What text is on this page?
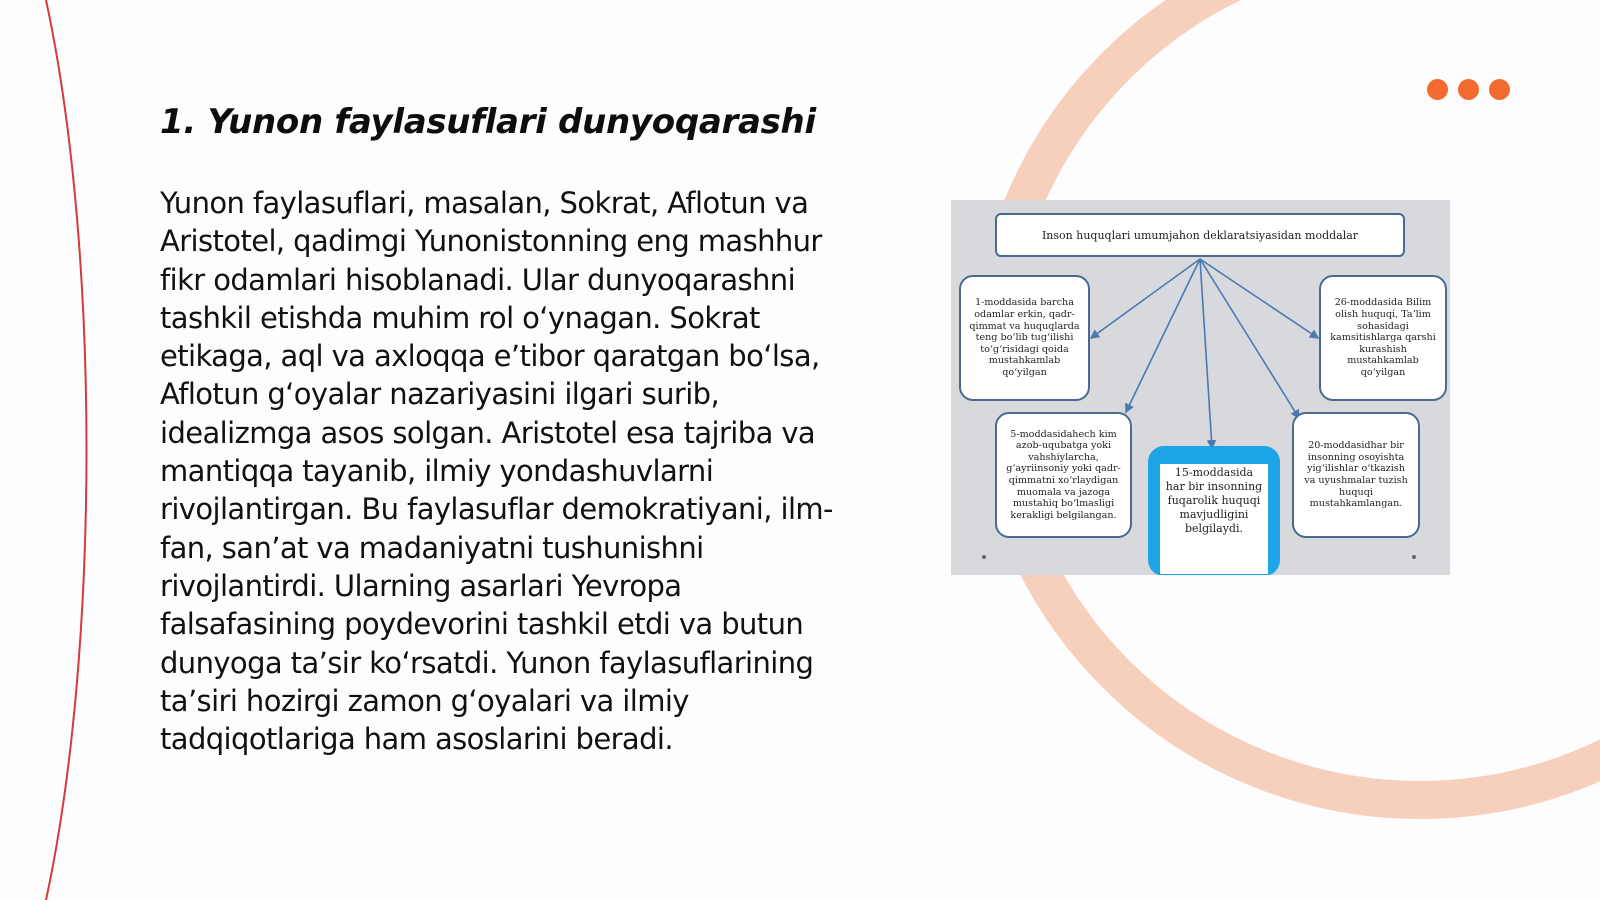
1. Yunon faylasuflari dunyoqarashi

Yunon faylasuflari, masalan, Sokrat, Aflotun va Aristotel, qadimgi Yunonistonning eng mashhur fikr odamlari hisoblanadi. Ular dunyoqarashni tashkil etishda muhim rol oʻynagan. Sokrat etikaga, aql va axloqqa eʼtibor qaratgan boʻlsa, Aflotun gʻoyalar nazariyasini ilgari surib, idealizmga asos solgan. Aristotel esa tajriba va mantiqqa tayanib, ilmiy yondashuvlarni rivojlantirgan. Bu faylasuflar demokratiyani, ilm-fan, sanʼat va madaniyatni tushunishni rivojlantirdi. Ularning asarlari Yevropa falsafasining poydevorini tashkil etdi va butun dunyoga taʼsir koʻrsatdi. Yunon faylasuflarining taʼsiri hozirgi zamon gʻoyalari va ilmiy tadqiqotlariga ham asoslarini beradi.

Inson huquqlari umumjahon deklaratsiyasidan moddalar
1-moddasida barcha odamlar erkin, qadr-qimmat va huquqlarda teng boʻlib tugʻilishi toʻgʻrisidagi qoida mustahkamlab qoʻyilgan
26-moddasida Bilim olish huquqi, Taʼlim sohasidagi kamsitishlarga qarshi kurashish mustahkamlab qoʻyilgan
5-moddasidahech kim azob-uqubatga yoki vahshiylarcha, gʻayriinsoniy yoki qadr-qimmatni xoʻrlaydigan muomala va jazoga mustahiq boʻlmasligi kerakligi belgilangan.
15-moddasida har bir insonning fuqarolik huquqi mavjudligini belgilaydi.
20-moddasidhar bir insonning osoyishta yigʻilishlar oʻtkazish va uyushmalar tuzish huquqi mustahkamlangan.
